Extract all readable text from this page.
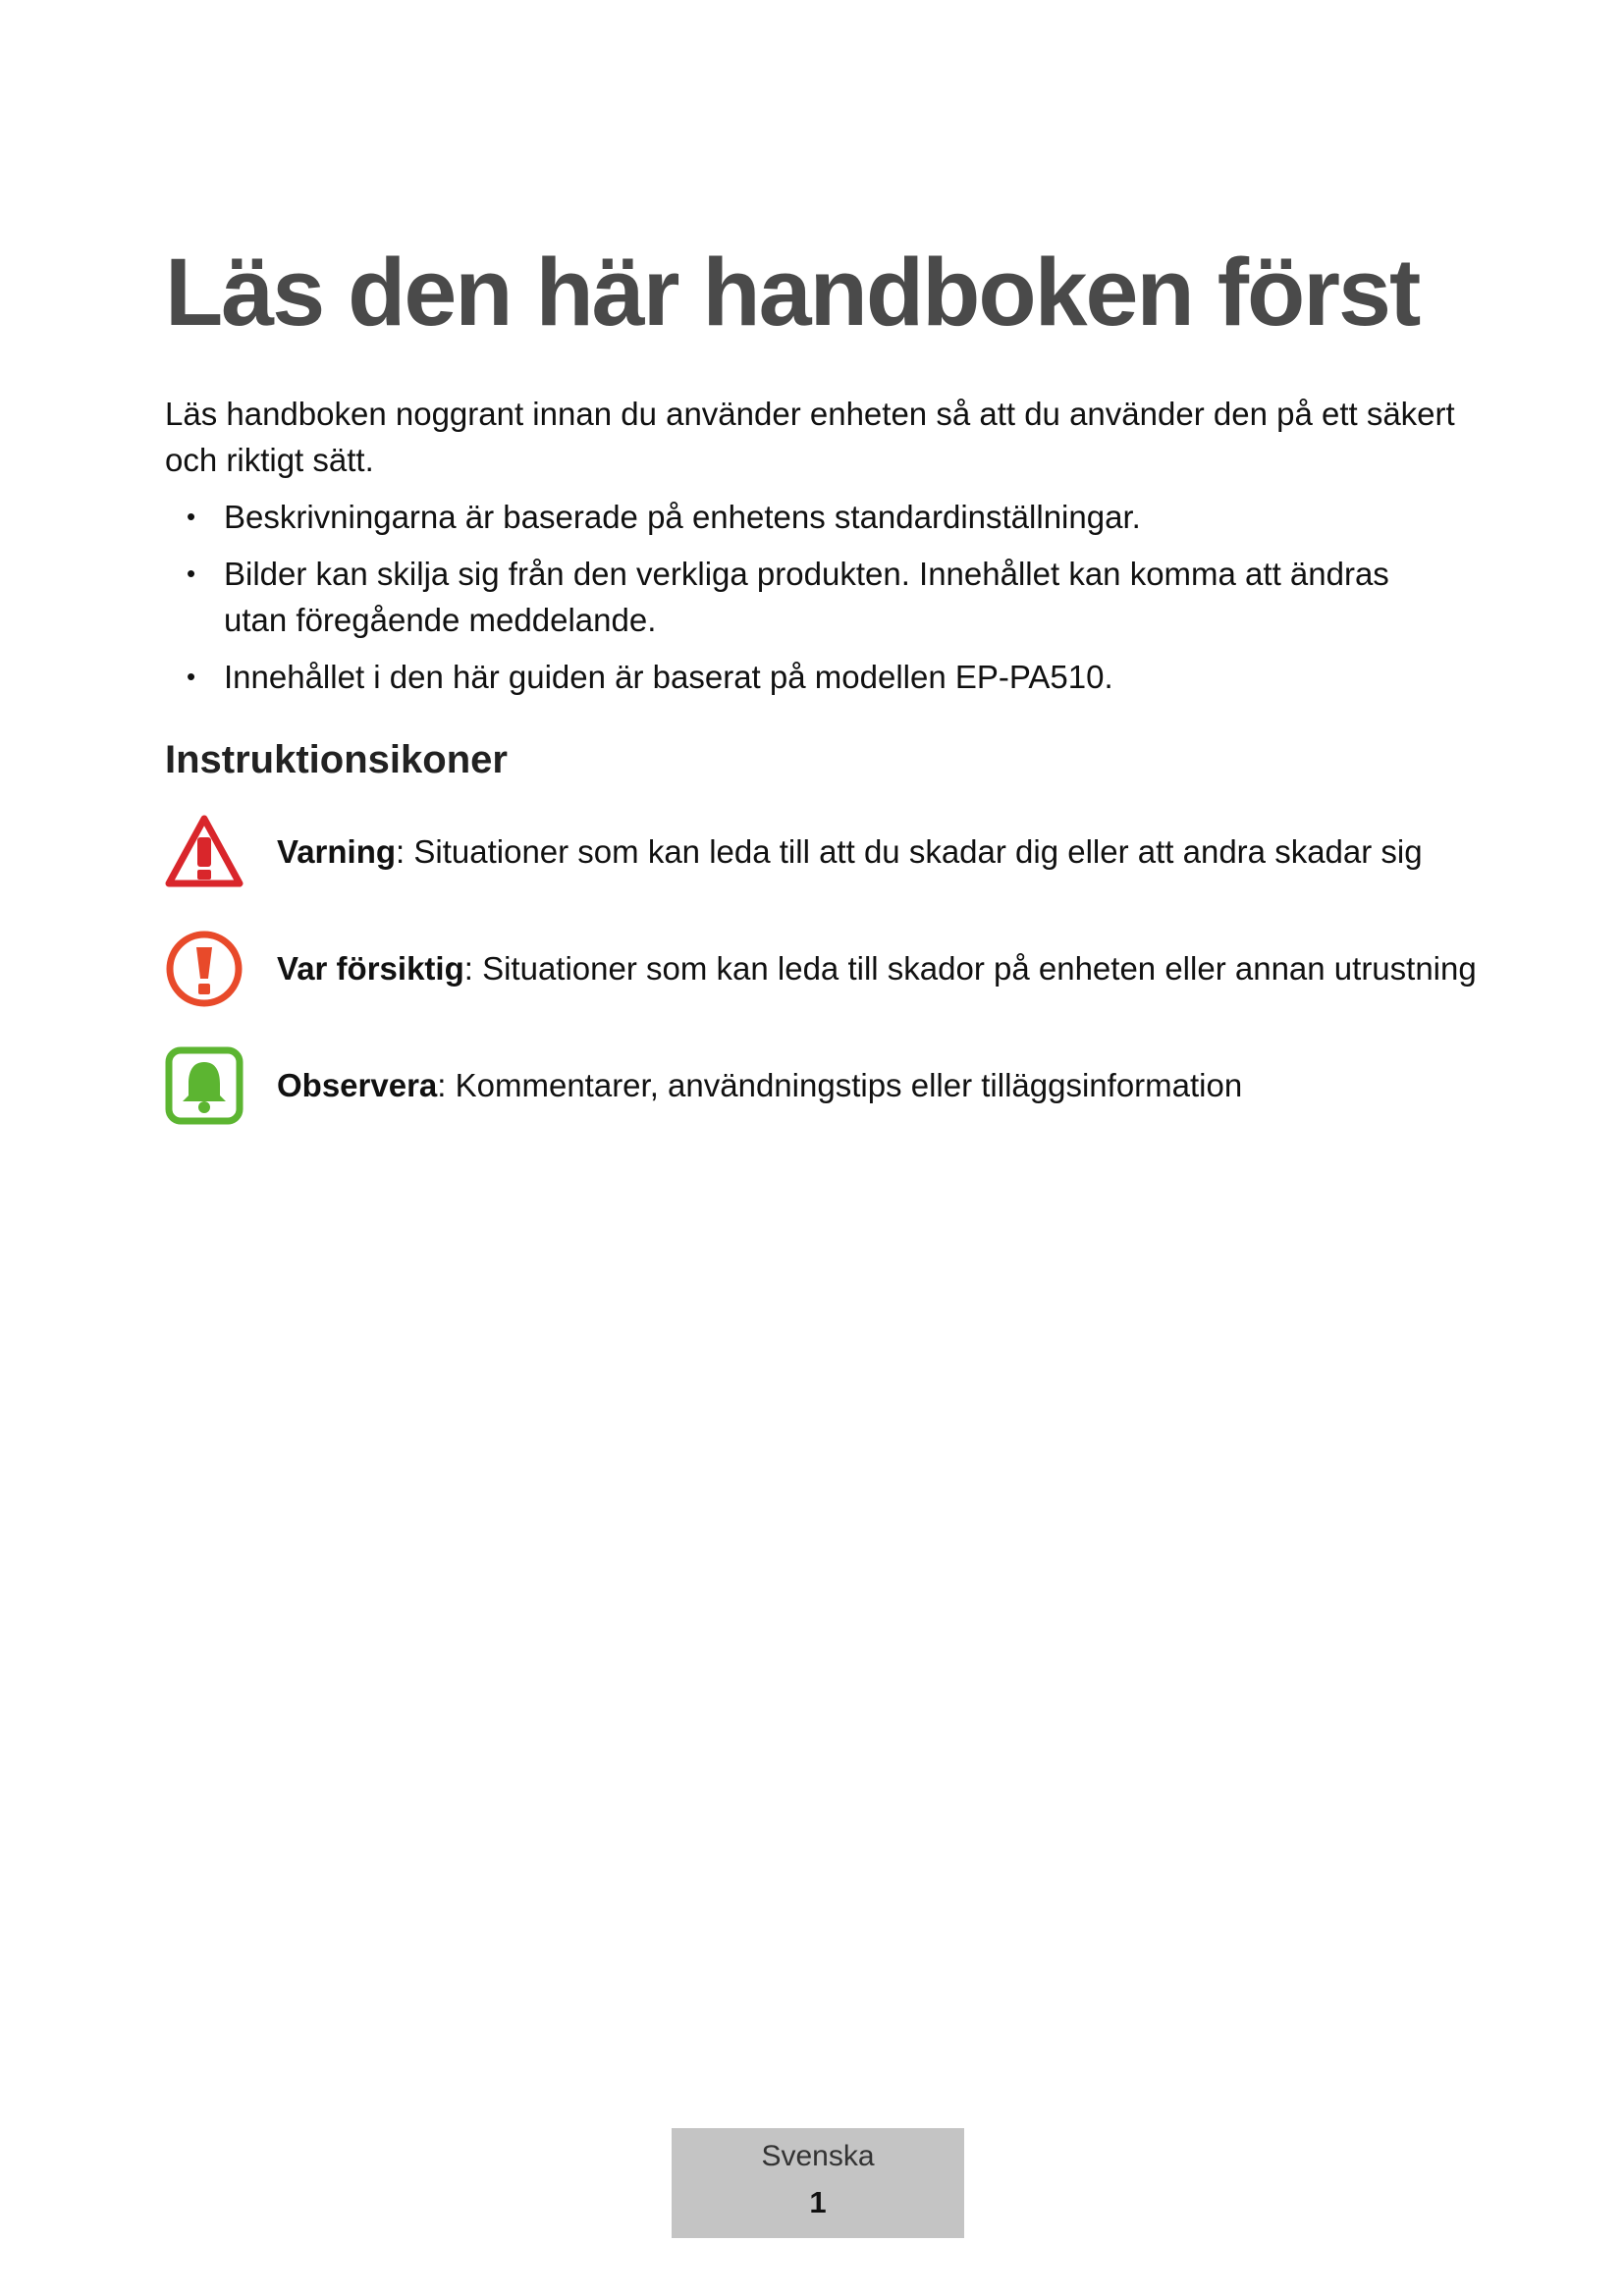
Läs den här handboken först

Läs handboken noggrant innan du använder enheten så att du använder den på ett säkert och riktigt sätt.

• Beskrivningarna är baserade på enhetens standardinställningar.
• Bilder kan skilja sig från den verkliga produkten. Innehållet kan komma att ändras utan föregående meddelande.
• Innehållet i den här guiden är baserat på modellen EP-PA510.
Instruktionsikoner
Varning: Situationer som kan leda till att du skadar dig eller att andra skadar sig
Var försiktig: Situationer som kan leda till skador på enheten eller annan utrustning
Observera: Kommentarer, användningstips eller tilläggsinformation
Svenska
1
